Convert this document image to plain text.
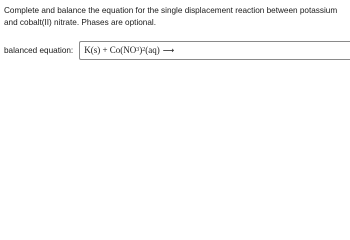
Complete and balance the equation for the single displacement reaction between potassium and cobalt(II) nitrate. Phases are optional.

balanced equation: K(s) + Co(NO 3 ) 2 (aq) ⟶
